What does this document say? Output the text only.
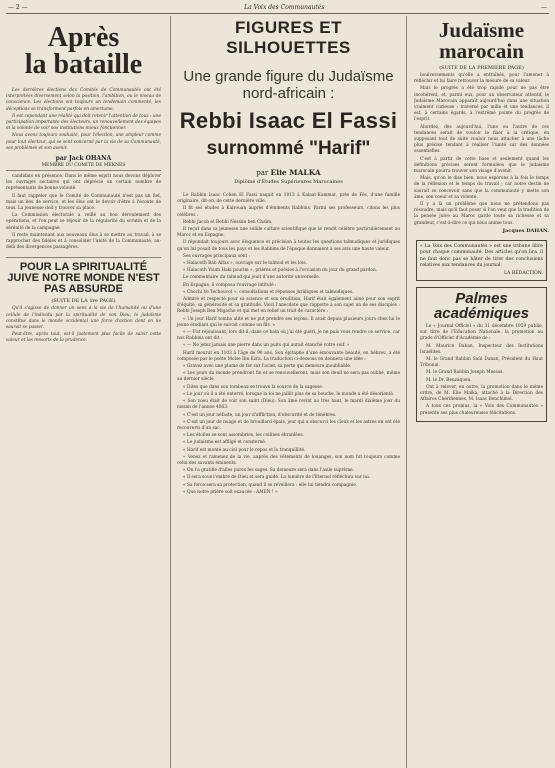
— 2 —	La Voix des Communautés	—
Après
la bataille

Les dernières élections des Comités de Communautés ont été interprétées diversement selon la position, l'ambition, ou le niveau de conscience. Les élections ont toujours un lendemain commenté, les déceptions se transforment parfois en amertume.

Il est cependant une réalité qui doit retenir l'attention de tous : une participation importante des électeurs, un renouvellement des équipes et la volonté de voir nos institutions mieux fonctionner.

Nous avons toujours souhaité, pour l'élection, une ampleur comme pour tout électeur, qui se sent concerné par la vie de sa Communauté, ses problèmes et son avenir.

par Jack OHANA
MEMBRE DU COMITE DE MEKNES

candidats en présence. Dans le même esprit nous devons déplorer les ouvrages sectaires qui ont déprécié un certain nombre de représentants de bonne volonté.

Il faut rappeler que le Comité de Communauté n'est pas un fief, mais un lieu de service, et les élus ont le devoir d'être à l'écoute de tous. La jeunesse doit y trouver sa place.

La Commission électorale a veillé au bon déroulement des opérations, et l'on peut se réjouir de la régularité du scrutin et de la sérénité de la campagne.

Il reste maintenant aux nouveaux élus à se mettre au travail, à se rapprocher des fidèles et à consolider l'unité de la Communauté, au-delà des divergences passagères.

POUR LA SPIRITUALITÉ JUIVE NOTRE MONDE N'EST PAS ABSURDE
(SUITE DE LA 1re PAGE)

Qu'il s'agisse de donner un sens à la vie de l'humanité ou d'une cellule de l'individu par la spiritualité de son Dieu, le judaïsme constitue dans le monde occidental une force d'action dont on ne saurait se passer.

Peut-être, après tout, est-il justement plus facile de saisir cette valeur et les ressorts de la prudence.

FIGURES ET SILHOUETTES
Une grande figure du Judaïsme nord-africain :
Rebbi Isaac El Fassi
surnommé "Harif"
par Elie MALKA
Diplômé d'Etudes Supérieures Marocaines

Le Rabbin Isaac Cohen El Fassi naquit en 1013 à Kalaat-Kammat, près de Fès, d'une famille originaire, dit-on, de cette dernière ville.

Il fit ses études à Kairouan auprès d'éminents Rabbins. Parmi ses professeurs, citons les plus célèbres :

Rebbi Jacob et Rebbi Nessim ben Chaïm.

Il reçut dans sa jeunesse une solide culture scientifique que le rendit célèbre particulièrement au Maroc et en Espagne.

Il répondait toujours avec éloquence et précision à toutes les questions talmudiques et juridiques qu'on lui posait de tous les pays et les Rabbins de l'époque donnaient à ses avis une haute valeur.

Ses ouvrages principaux sont :

« Halacoth Bah Alfas », ouvrage sur le talmud et les lois.

« Halacoth Youm Haki pourim », prières et poésies à l'occasion du jour du grand pardon.

Le commentaire du talmud qui jouit d'une autorité universelle.

En Espagne, il composa l'ouvrage intitulé :

« Chochi Ve Techouvot », consultations et réponses juridiques et talmudiques.

Admiré et respecté pour sa science et son érudition, Harif était également aimé pour son esprit d'équité, sa générosité et sa gratitude. Voici l'anecdote que rapporte à son sujet un de ses disciples : Rebbi Joseph Ben Migache et qui met en relief un trait de caractère :

« Un jour Harif tomba alité et ne put prendre ses leçons. Il avait depuis plusieurs jours chez lui le jeune étudiant qui le suivait comme un fils. »

« — Fut réjouissant, lors dit-il, dans ce bain où j'ai été guéri, je ne puis vous rendre ce service, car nos Rabbins ont dit :

« — Ne jetez jamais une pierre dans un puits qui aurait étanché votre soif. »

Harif mourut en 1103 à l'âge de 90 ans. Son épitaphe d'une émouvante beauté, en hébreu, a été composée par le poète Moïse Ibn Ezra. La traduction ci-dessous en donnera une idée :

« Gravez avec une plume de fer sur l'acier, sa perte qui demeure inoubliable.

« Les jours du monde prendront fin et se renouvelleront, mais son deuil ne sera pas oublié, même au dernier siècle.

« Dites que dans son tombeau se trouve la source de la sagesse.

« Le jour où il a été enterré, lorsque la loi ne jaillit plus de sa bouche, le monde a été désorienté.

« Son voeu était de voir son saint (Dieu). Son âme revint au très haut, le mardi dixième jour du nissan de l'année 4863.

« C'est un jour néfaste, un jour d'affliction, d'obscurité et de ténèbres.

« C'est un jour de nuage et de brouillard épais, jour qui a obscurci les cieux et les astres en ont été recouverts d'un sac.

« Les étoiles se sont assombries, les collines ébranlées.

« Le judaïsme est affligé et consterné.

« Harif est monté au ciel pour le repos et la tranquillité.

« Venez et ramenez de la vie, auprès des vêtements de louanges, son nom fut toujours comme celui des savants éminents.

« On l'a gratifié d'ailes pures les sages. Sa demeure sera dans l'asile suprême.

« Il sera sous l'ombre de Dieu et sera guidé. La lumière de l'Eternel réfléchira sur lui.

« Sa force sera sa protection, quand il se réveillera : elle lui tiendra compagnie.

« Que notre prière soit exaucée : AMEN ! »

Judaïsme
marocain
(SUITE DE LA PREMIERE PAGE)

boulversements qu'elle a entraînés, pour l'amener à réfléchir et lui faire retrouver la mesure de sa valeur.

Mais le progrès a été trop rapide pour ne pas être incohérent, et, parmi eux, pour un observateur attentif, le Judaïsme Marocain apparaît aujourd'hui dans une situation vraiment curieuse : traversé par mille et une tendances, il est, à certains égards, à l'extrême pointe du progrès de l'esprit.

Abordez, dès aujourd'hui, l'une ou l'autre de ces tendances serait de vouloir le fixer à la critique, en supposant tout de suite vouloir nous attacher à une tâche plus précise tendant à réaliser l'unité sur des données essentielles.

C'est à partir de cette base et seulement quand les définitions précises seront formulées que le judaïsme marocain pourra trouver son visage d'avenir.

Mais, qu'on le dise bien, nous espérons à la fois le temps de la réflexion et le temps du travail ; car notre destin ne saurait se concevoir sans que la communauté y mette son âme, son coeur et sa volonté.

Il y a là un problème que nous ne prétendons pas résoudre, mais qu'il faut poser si l'on veut que la tradition de la pensée juive au Maroc garde toute sa richesse et sa grandeur, c'est-à-dire ce qui nous anime tous.

Jacques DAHAN.
« La Voix des Communautés » est une tribune libre pour chaque communauté. Des articles qu'on lira, il ne faut donc pas se hâter de tirer des conclusions relatives aux tendances du journal.
LA RÉDACTION.
Palmes
académiques

Le « Journal Officiel » du 31 décembre 1959 publie, sur titre de l'Education Nationale, la promotion au grade d'Officier d'Académie de :

M. Maurice Dahan, Inspecteur des Institutions Israélites.

M. le Grand Rabbin Saül Danan, Président du Haut Tribunal.

M. le Grand Rabbin Joseph Messas.

M. le Dr. Benzaquen.

Ont à relever, en outre, la promotion dans le même ordre, de M. Elie Malka, attaché à la Direction des Affaires Chérifiennes, M. Isaac Benchimol.

A tous ces promus, la « Voix des Communautés » présente ses plus chaleureuses félicitations.
